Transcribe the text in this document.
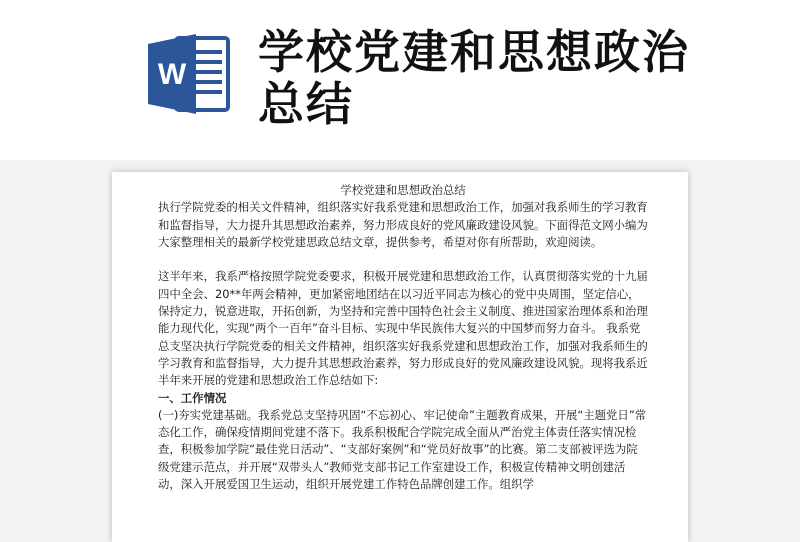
W 学校党建和思想政治总结

学校党建和思想政治总结

执行学院党委的相关文件精神，组织落实好我系党建和思想政治工作，加强对我系师生的学习教育和监督指导，大力提升其思想政治素养，努力形成良好的党风廉政建设风貌。下面得范文网小编为大家整理相关的最新学校党建思政总结文章，提供参考，希望对你有所帮助，欢迎阅读。

这半年来，我系严格按照学院党委要求，积极开展党建和思想政治工作，认真贯彻落实党的十九届四中全会、20**年两会精神，更加紧密地团结在以习近平同志为核心的党中央周围，坚定信心，保持定力，锐意进取，开拓创新，为坚持和完善中国特色社会主义制度、推进国家治理体系和治理能力现代化，实现“两个一百年”奋斗目标、实现中华民族伟大复兴的中国梦而努力奋斗。 我系党总支坚决执行学院党委的相关文件精神，组织落实好我系党建和思想政治工作，加强对我系师生的学习教育和监督指导，大力提升其思想政治素养，努力形成良好的党风廉政建设风貌。现将我系近半年来开展的党建和思想政治工作总结如下:

一、工作情况

(一)夯实党建基础。我系党总支坚持巩固“不忘初心、牢记使命”主题教育成果，开展“主题党日”常态化工作，确保疫情期间党建不落下。我系积极配合学院完成全面从严治党主体责任落实情况检查，积极参加学院“最佳党日活动”、“支部好案例”和“党员好故事”的比赛。第二支部被评选为院级党建示范点，并开展“双带头人”教师党支部书记工作室建设工作，积极宣传精神文明创建活动，深入开展爱国卫生运动，组织开展党建工作特色品牌创建工作。组织学
